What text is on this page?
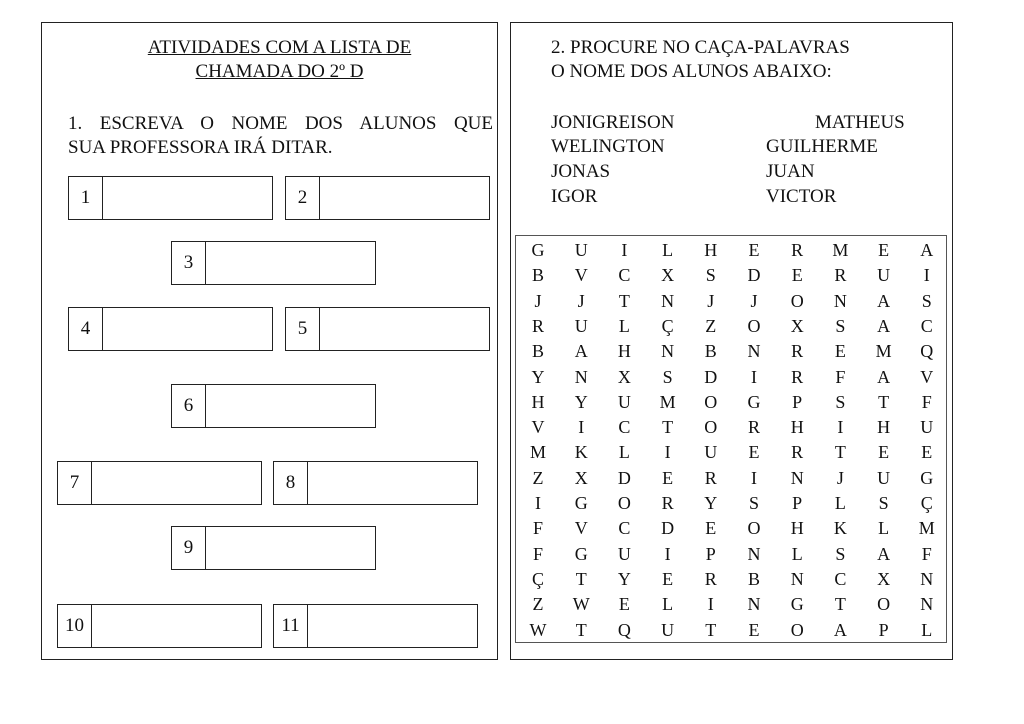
ATIVIDADES COM A LISTA DE
CHAMADA DO 2º D
1. ESCREVA O NOME DOS ALUNOS QUE
SUA PROFESSORA IRÁ DITAR.
1	2
3
4	5
6
7	8
9
10	11
2. PROCURE NO CAÇA-PALAVRAS
O NOME DOS ALUNOS ABAIXO:
JONIGREISON	MATHEUS
WELINGTON	GUILHERME
JONAS	JUAN
IGOR	VICTOR
G	U	I	L	H	E	R	M	E	A
B	V	C	X	S	D	E	R	U	I
J	J	T	N	J	J	O	N	A	S
R	U	L	Ç	Z	O	X	S	A	C
B	A	H	N	B	N	R	E	M	Q
Y	N	X	S	D	I	R	F	A	V
H	Y	U	M	O	G	P	S	T	F
V	I	C	T	O	R	H	I	H	U
M	K	L	I	U	E	R	T	E	E
Z	X	D	E	R	I	N	J	U	G
I	G	O	R	Y	S	P	L	S	Ç
F	V	C	D	E	O	H	K	L	M
F	G	U	I	P	N	L	S	A	F
Ç	T	Y	E	R	B	N	C	X	N
Z	W	E	L	I	N	G	T	O	N
W	T	Q	U	T	E	O	A	P	L
